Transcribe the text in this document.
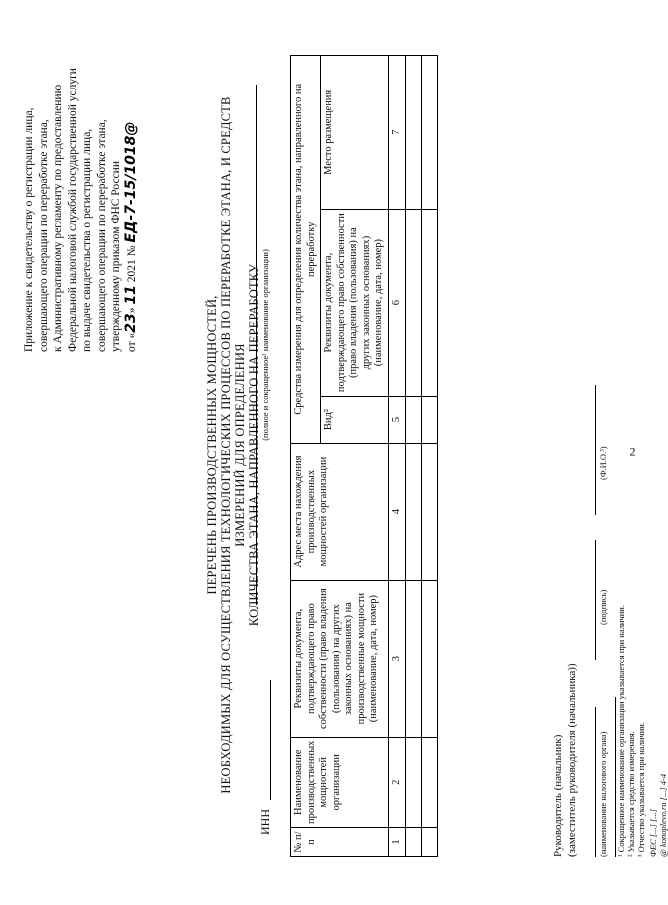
2
Приложение к свидетельству о регистрации лица, совершающего операции по переработке этана, к Административному регламенту по предоставлению Федеральной налоговой службой государственной услуги по выдаче свидетельства о регистрации лица, совершающего операции по переработке этана, утвержденному приказом ФНС России от «23» 11 2021 № ЕД-7-15/1018@
ПЕРЕЧЕНЬ ПРОИЗВОДСТВЕННЫХ МОЩНОСТЕЙ, НЕОБХОДИМЫХ ДЛЯ ОСУЩЕСТВЛЕНИЯ ТЕХНОЛОГИЧЕСКИХ ПРОЦЕССОВ ПО ПЕРЕРАБОТКЕ ЭТАНА, И СРЕДСТВ ИЗМЕРЕНИЙ ДЛЯ ОПРЕДЕЛЕНИЯ КОЛИЧЕСТВА ЭТАНА, НАПРАВЛЕННОГО НА ПЕРЕРАБОТКУ (полное и сокращенное¹ наименование организации)
ИНН
№ п/п	Наименование производственных мощностей организации	Реквизиты документа, подтверждающего право собственности (право владения (пользования) на других законных основаниях) на производственные мощности (наименование, дата, номер)	Адрес места нахождения производственных мощностей организации	Средства измерения для определения количества этана, направленного на переработку		
				Вид²	Реквизиты документа, подтверждающего право собственности (право владения (пользования) на других законных основаниях) (наименование, дата, номер)	Место размещения
1	2	3	4	5	6	7

Руководитель (начальник) (заместитель руководителя (начальника)) (наименование налогового органа)
(подпись)
(Ф.И.О.³)
¹ Сокращенное наименование организации указывается при наличии. ² Указывается средство измерения. ³ Отчество указывается при наличии. ФЕС [...] [...] @ konoplevo.ru [...] 4-4
